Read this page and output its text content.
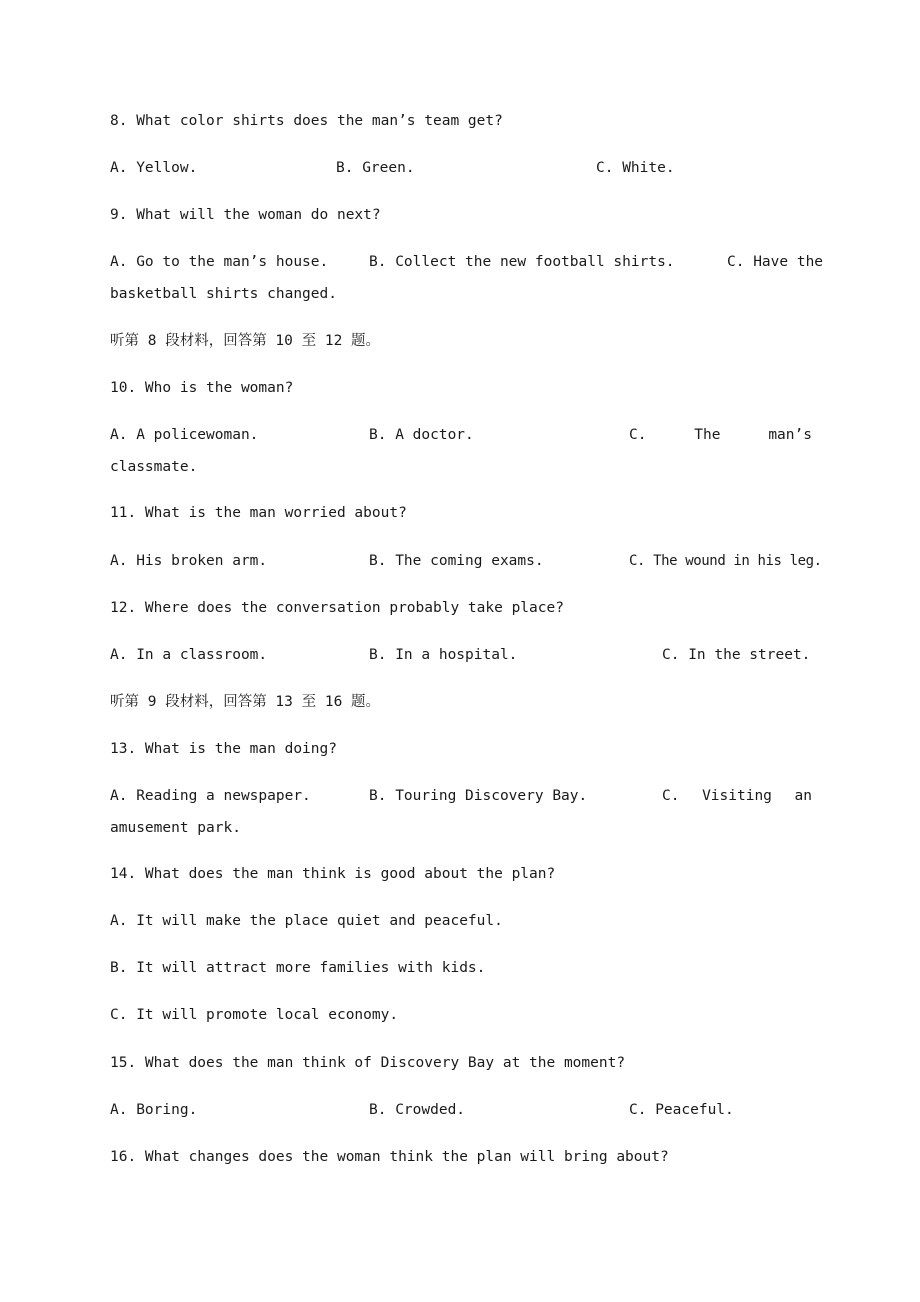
8. What color shirts does the man’s team get?
A. Yellow.	B. Green.	C. White.
9. What will the woman do next?
A. Go to the man’s house.	B. Collect the new football shirts.	C. Have the
basketball shirts changed.
听第 8 段材料，回答第 10 至 12 题。
10. Who is the woman?
A. A policewoman.	B. A doctor.	C.	The	man’s
classmate.
11. What is the man worried about?
A. His broken arm.	B. The coming exams.	C. The wound in his leg.
12. Where does the conversation probably take place?
A. In a classroom.	B. In a hospital.	C. In the street.
听第 9 段材料，回答第 13 至 16 题。
13. What is the man doing?
A. Reading a newspaper.	B. Touring Discovery Bay.	C. Visiting an
amusement park.
14. What does the man think is good about the plan?
A. It will make the place quiet and peaceful.
B. It will attract more families with kids.
C. It will promote local economy.
15. What does the man think of Discovery Bay at the moment?
A. Boring.	B. Crowded.	C. Peaceful.
16. What changes does the woman think the plan will bring about?
